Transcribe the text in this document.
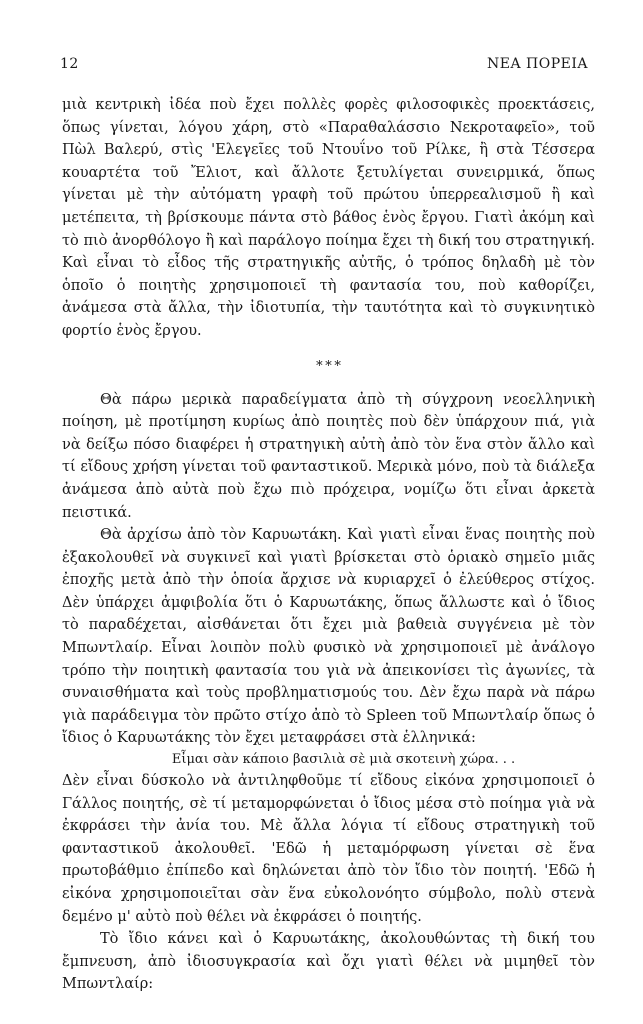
12	ΝΕΑ ΠΟΡΕΙΑ

μιὰ κεντρικὴ ἰδέα ποὺ ἔχει πολλὲς φορὲς φιλοσοφικὲς προεκτάσεις, ὅπως γίνεται, λόγου χάρη, στὸ «Παραθαλάσσιο Νεκροταφεῖο», τοῦ Πὼλ Βαλερύ, στὶς 'Ελεγεῖες τοῦ Ντουΐνο τοῦ Ρίλκε, ἢ στὰ Τέσσερα κουαρτέτα τοῦ Ἔλιοτ, καὶ ἄλλοτε ξετυλίγεται συνειρμικά, ὅπως γίνεται μὲ τὴν αὐτόματη γραφὴ τοῦ πρώτου ὑπερρεαλισμοῦ ἢ καὶ μετέπειτα, τὴ βρίσκουμε πάντα στὸ βάθος ἑνὸς ἔργου. Γιατὶ ἀκόμη καὶ τὸ πιὸ ἀνορθόλογο ἢ καὶ παράλογο ποίημα ἔχει τὴ δική του στρατηγική. Καὶ εἶναι τὸ εἶδος τῆς στρατηγικῆς αὐτῆς, ὁ τρόπος δηλαδὴ μὲ τὸν ὁποῖο ὁ ποιητὴς χρησιμοποιεῖ τὴ φαντασία του, ποὺ καθορίζει, ἀνάμεσα στὰ ἄλλα, τὴν ἰδιοτυπία, τὴν ταυτότητα καὶ τὸ συγκινητικὸ φορτίο ἑνὸς ἔργου.

* * *

Θὰ πάρω μερικὰ παραδείγματα ἀπὸ τὴ σύγχρονη νεοελληνικὴ ποίηση, μὲ προτίμηση κυρίως ἀπὸ ποιητὲς ποὺ δὲν ὑπάρχουν πιά, γιὰ νὰ δείξω πόσο διαφέρει ἡ στρατηγικὴ αὐτὴ ἀπὸ τὸν ἕνα στὸν ἄλλο καὶ τί εἴδους χρήση γίνεται τοῦ φανταστικοῦ. Μερικὰ μόνο, ποὺ τὰ διάλεξα ἀνάμεσα ἀπὸ αὐτὰ ποὺ ἔχω πιὸ πρόχειρα, νομίζω ὅτι εἶναι ἀρκετὰ πειστικά.

Θὰ ἀρχίσω ἀπὸ τὸν Καρυωτάκη. Καὶ γιατὶ εἶναι ἕνας ποιητὴς ποὺ ἐξακολουθεῖ νὰ συγκινεῖ καὶ γιατὶ βρίσκεται στὸ ὁριακὸ σημεῖο μιᾶς ἐποχῆς μετὰ ἀπὸ τὴν ὁποία ἄρχισε νὰ κυριαρχεῖ ὁ ἐλεύθερος στίχος. Δὲν ὑπάρχει ἀμφιβολία ὅτι ὁ Καρυωτάκης, ὅπως ἄλλωστε καὶ ὁ ἴδιος τὸ παραδέχεται, αἰσθάνεται ὅτι ἔχει μιὰ βαθειὰ συγγένεια μὲ τὸν Μπωντλαίρ. Εἶναι λοιπὸν πολὺ φυσικὸ νὰ χρησιμοποιεῖ μὲ ἀνάλογο τρόπο τὴν ποιητικὴ φαντασία του γιὰ νὰ ἀπεικονίσει τὶς ἀγωνίες, τὰ συναισθήματα καὶ τοὺς προβληματισμούς του. Δὲν ἔχω παρὰ νὰ πάρω γιὰ παράδειγμα τὸν πρῶτο στίχο ἀπὸ τὸ Spleen τοῦ Μπωντλαίρ ὅπως ὁ ἴδιος ὁ Καρυωτάκης τὸν ἔχει μεταφράσει στὰ ἑλληνικά:

Εἶμαι σὰν κάποιο βασιλιὰ σὲ μιὰ σκοτεινὴ χώρα. . .

Δὲν εἶναι δύσκολο νὰ ἀντιληφθοῦμε τί εἴδους εἰκόνα χρησιμοποιεῖ ὁ Γάλλος ποιητής, σὲ τί μεταμορφώνεται ὁ ἴδιος μέσα στὸ ποίημα γιὰ νὰ ἐκφράσει τὴν ἀνία του. Μὲ ἄλλα λόγια τί εἴδους στρατηγικὴ τοῦ φανταστικοῦ ἀκολουθεῖ. 'Εδῶ ἡ μεταμόρφωση γίνεται σὲ ἕνα πρωτοβάθμιο ἐπίπεδο καὶ δηλώνεται ἀπὸ τὸν ἴδιο τὸν ποιητή. 'Εδῶ ἡ εἰκόνα χρησιμοποιεῖται σὰν ἕνα εὐκολονόητο σύμβολο, πολὺ στενὰ δεμένο μ' αὐτὸ ποὺ θέλει νὰ ἐκφράσει ὁ ποιητής.

Τὸ ἴδιο κάνει καὶ ὁ Καρυωτάκης, ἀκολουθώντας τὴ δική του ἔμπνευση, ἀπὸ ἰδιοσυγκρασία καὶ ὄχι γιατὶ θέλει νὰ μιμηθεῖ τὸν Μπωντλαίρ:
